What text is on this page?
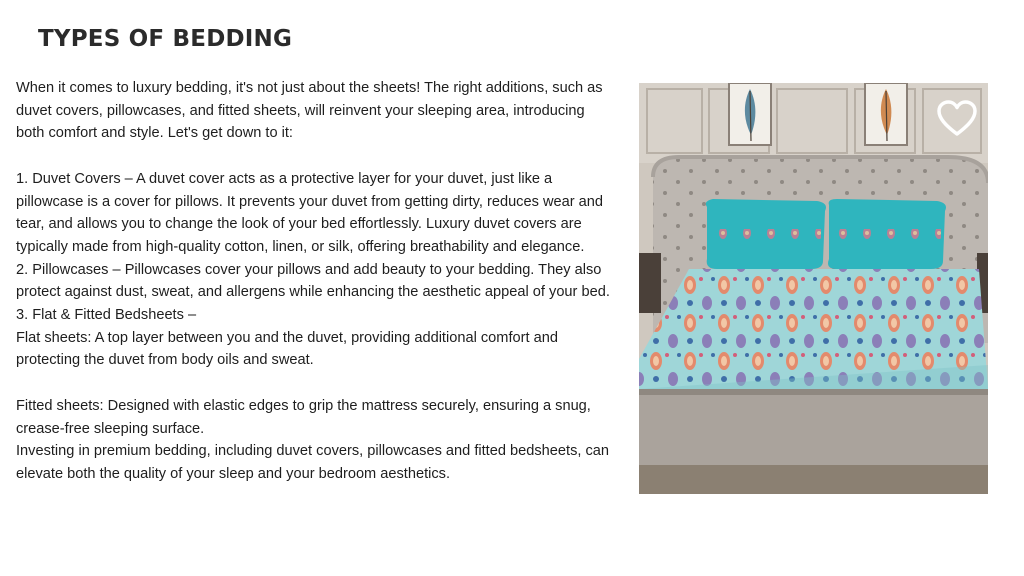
TYPES OF BEDDING

When it comes to luxury bedding, it's not just about the sheets! The right additions, such as duvet covers, pillowcases, and fitted sheets, will reinvent your sleeping area, introducing both comfort and style. Let's get down to it:

1. Duvet Covers – A duvet cover acts as a protective layer for your duvet, just like a pillowcase is a cover for pillows. It prevents your duvet from getting dirty, reduces wear and tear, and allows you to change the look of your bed effortlessly. Luxury duvet covers are typically made from high-quality cotton, linen, or silk, offering breathability and elegance.

2. Pillowcases – Pillowcases cover your pillows and add beauty to your bedding. They also protect against dust, sweat, and allergens while enhancing the aesthetic appeal of your bed.

3. Flat & Fitted Bedsheets –

Flat sheets: A top layer between you and the duvet, providing additional comfort and protecting the duvet from body oils and sweat.

Fitted sheets: Designed with elastic edges to grip the mattress securely, ensuring a snug, crease-free sleeping surface.

Investing in premium bedding, including duvet covers, pillowcases and fitted bedsheets, can elevate both the quality of your sleep and your bedroom aesthetics.
